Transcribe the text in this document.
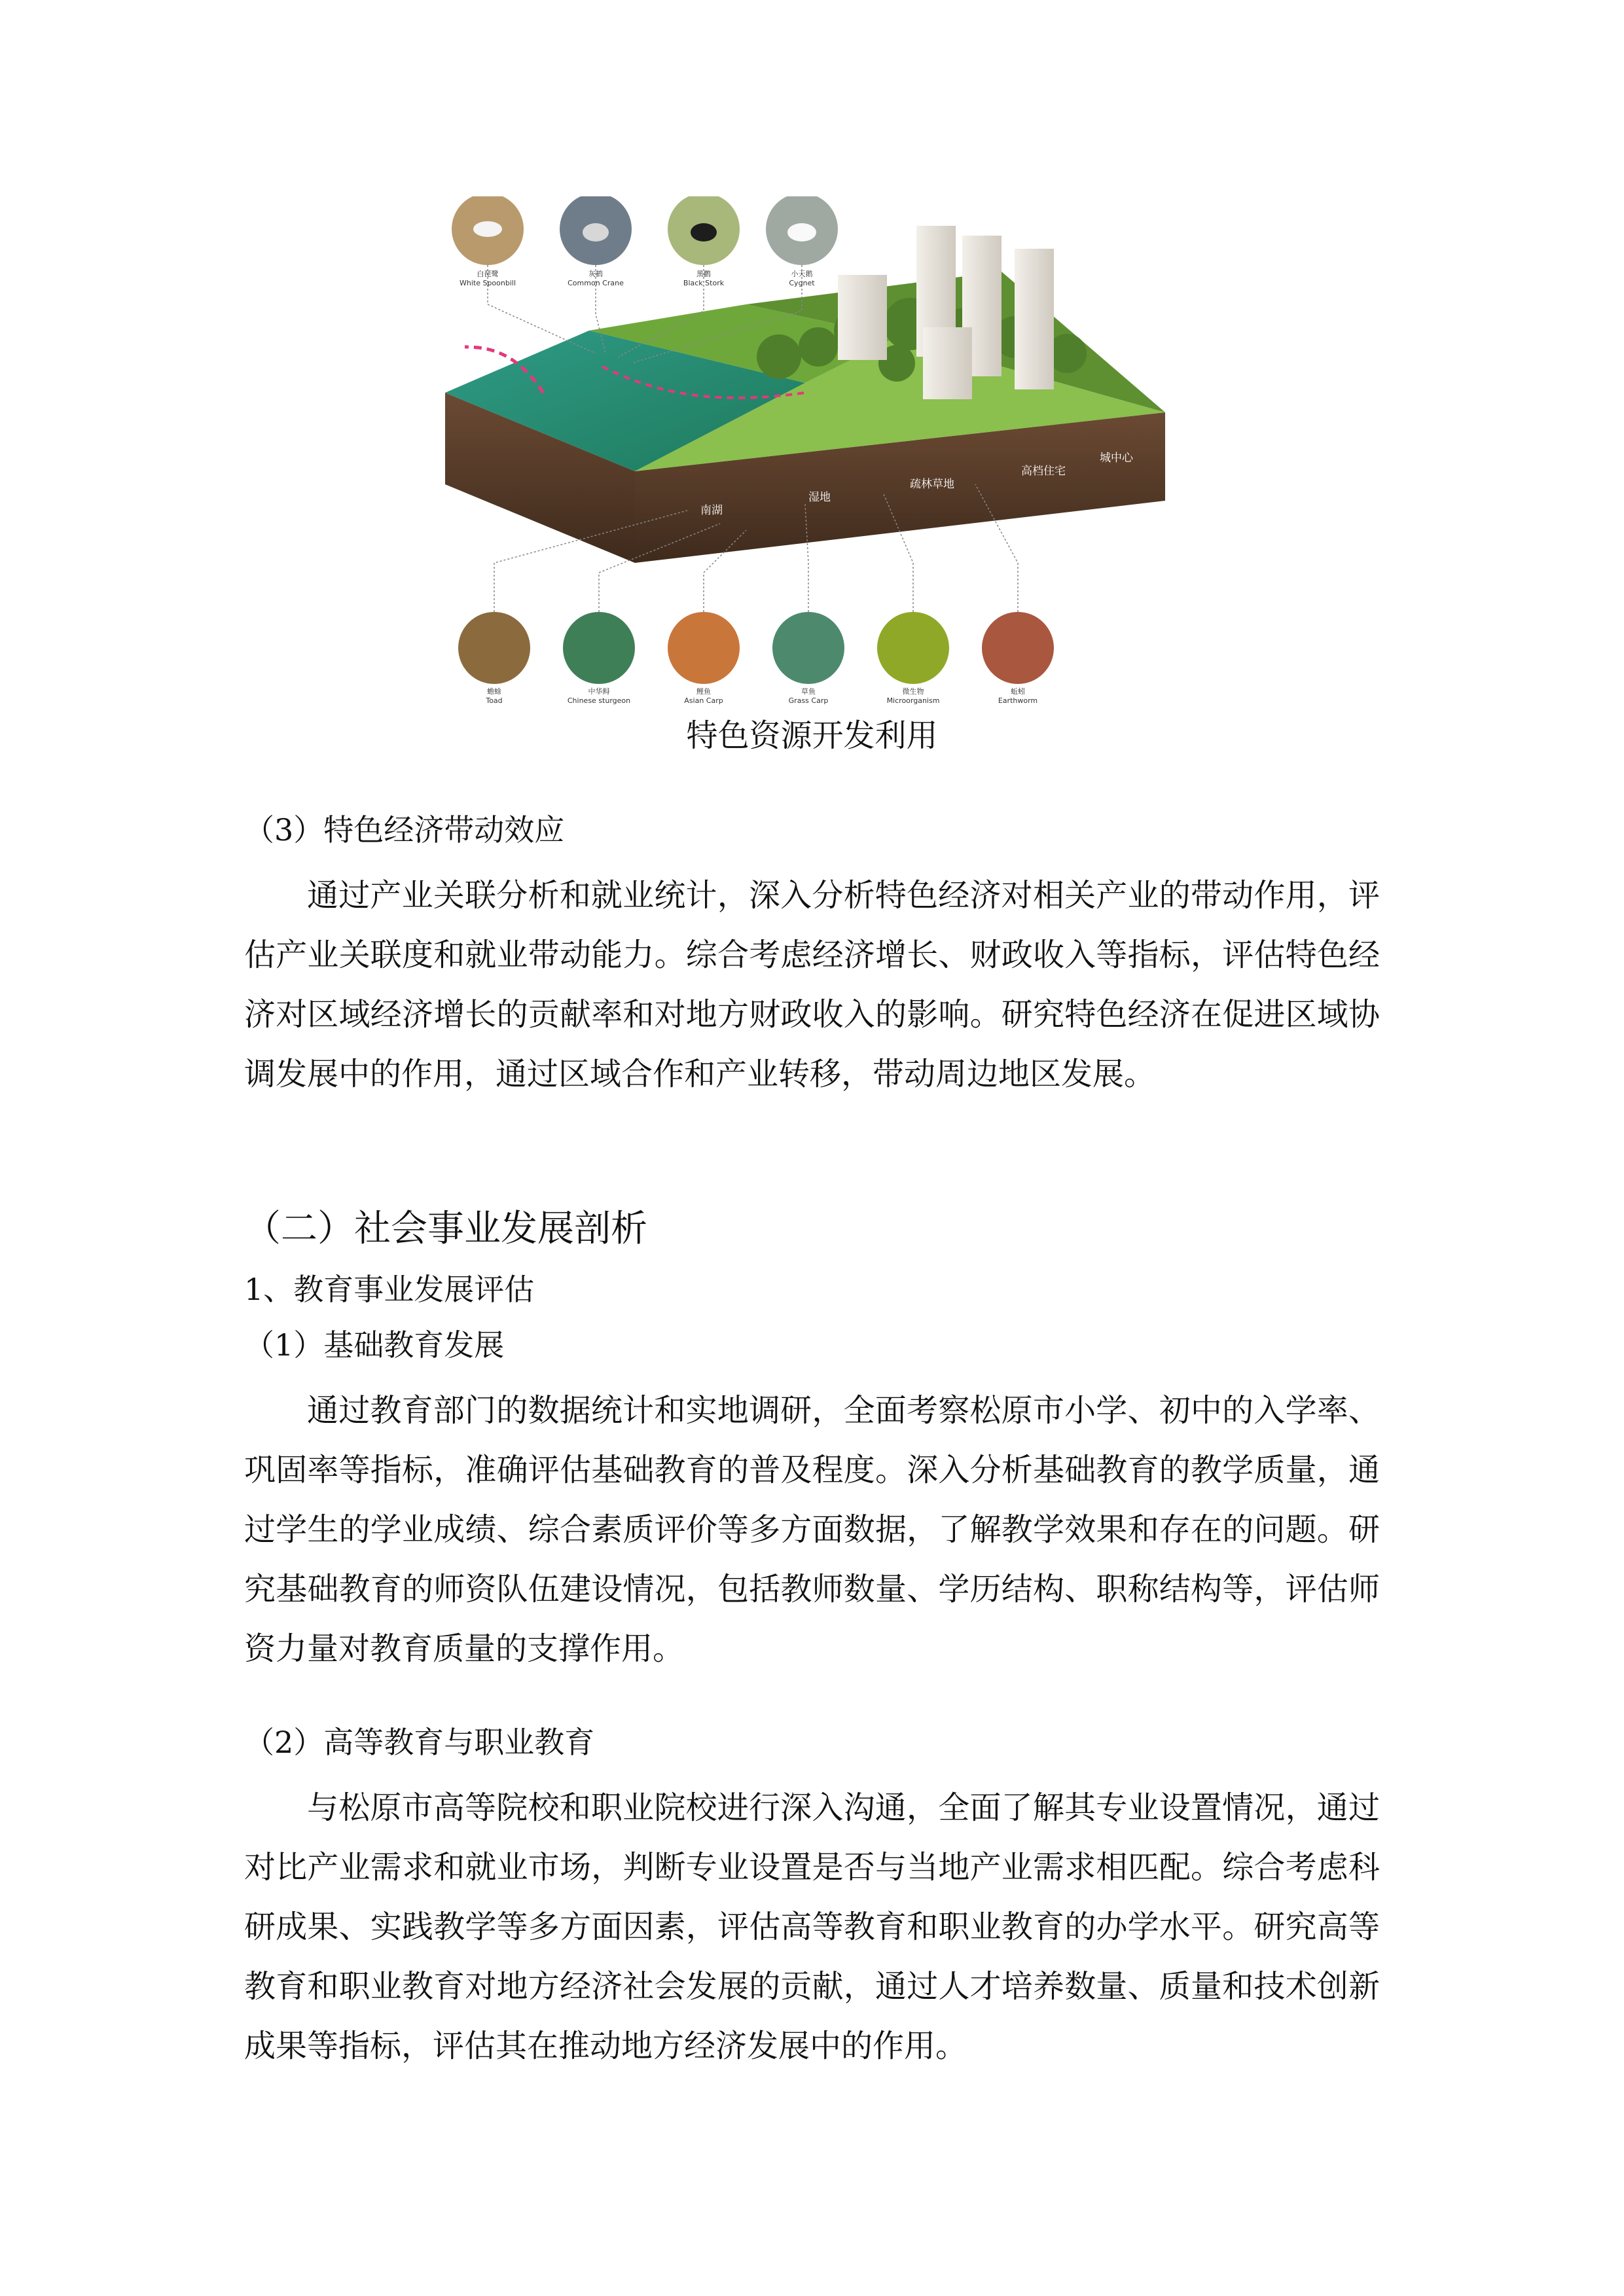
南湖
湿地
疏林草地
高档住宅
城中心
白琵鹭
White Spoonbill
灰鹤
Common Crane
黑鹳
Black Stork
小天鹅
Cygnet
蟾蜍
Toad
中华鲟
Chinese sturgeon
鲤鱼
Asian Carp
草鱼
Grass Carp
微生物
Microorganism
蚯蚓
Earthworm
特色资源开发利用
（3）特色经济带动效应

通过产业关联分析和就业统计，深入分析特色经济对相关产业的带动作用，评估产业关联度和就业带动能力。综合考虑经济增长、财政收入等指标，评估特色经济对区域经济增长的贡献率和对地方财政收入的影响。研究特色经济在促进区域协调发展中的作用，通过区域合作和产业转移，带动周边地区发展。

（二）社会事业发展剖析
1、教育事业发展评估
（1）基础教育发展

通过教育部门的数据统计和实地调研，全面考察松原市小学、初中的入学率、巩固率等指标，准确评估基础教育的普及程度。深入分析基础教育的教学质量，通过学生的学业成绩、综合素质评价等多方面数据，了解教学效果和存在的问题。研究基础教育的师资队伍建设情况，包括教师数量、学历结构、职称结构等，评估师资力量对教育质量的支撑作用。

（2）高等教育与职业教育

与松原市高等院校和职业院校进行深入沟通，全面了解其专业设置情况，通过对比产业需求和就业市场，判断专业设置是否与当地产业需求相匹配。综合考虑科研成果、实践教学等多方面因素，评估高等教育和职业教育的办学水平。研究高等教育和职业教育对地方经济社会发展的贡献，通过人才培养数量、质量和技术创新成果等指标，评估其在推动地方经济发展中的作用。
